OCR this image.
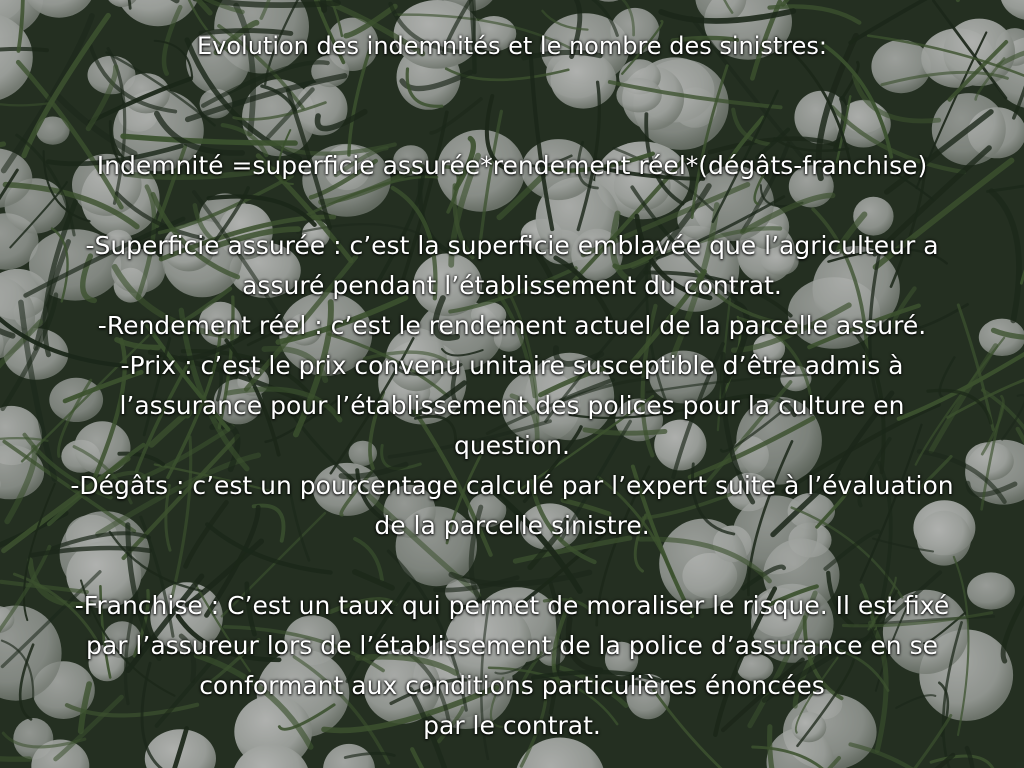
Evolution des indemnités et le nombre des sinistres:
Indemnité =superficie assurée*rendement réel*(dégâts-franchise)
-Superficie assurée : c’est la superficie emblavée que l’agriculteur a
assuré pendant l’établissement du contrat.
-Rendement réel : c’est le rendement actuel de la parcelle assuré.
-Prix : c’est le prix convenu unitaire susceptible d’être admis à
l’assurance pour l’établissement des polices pour la culture en
question.
-Dégâts : c’est un pourcentage calculé par l’expert suite à l’évaluation
de la parcelle sinistre.
-Franchise : C’est un taux qui permet de moraliser le risque. Il est fixé
par l’assureur lors de l’établissement de la police d’assurance en se
conformant aux conditions particulières énoncées
par le contrat.
